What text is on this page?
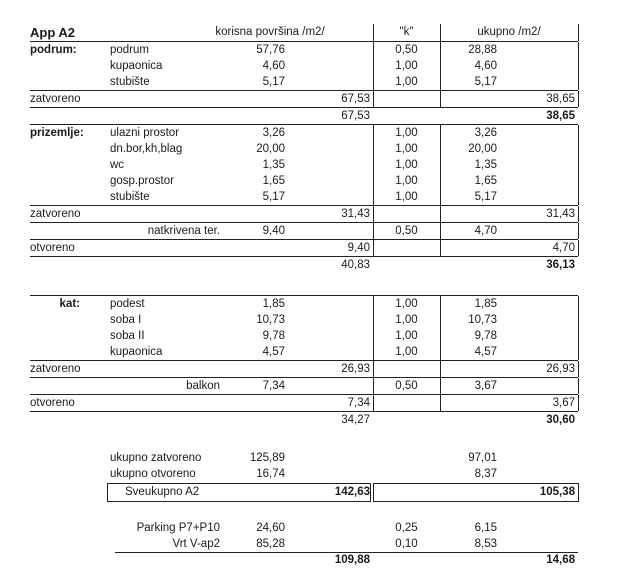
App A2	korisna površina /m2/	"k"	ukupno /m2/
podrum:	podrum	57,76	0,50	28,88
kupaonica	4,60	1,00	4,60
stubište	5,17	1,00	5,17
zatvoreno	67,53	38,65
67,53	38,65
prizemlje: ulazni prostor	3,26	1,00	3,26
dn.bor,kh,blag	20,00	1,00	20,00
wc	1,35	1,00	1,35
gosp.prostor	1,65	1,00	1,65
stubište	5,17	1,00	5,17
zatvoreno	31,43	31,43
natkrivena ter.	9,40	0,50	4,70
otvoreno	9,40	4,70
40,83	36,13
kat:	podest	1,85	1,00	1,85
soba I	10,73	1,00	10,73
soba II	9,78	1,00	9,78
kupaonica	4,57	1,00	4,57
zatvoreno	26,93	26,93
balkon	7,34	0,50	3,67
otvoreno	7,34	3,67
34,27	30,60
ukupno zatvoreno	125,89	97,01
ukupno otvoreno	16,74	8,37
Sveukupno A2	142,63	105,38
Parking P7+P10	24,60	0,25	6,15
Vrt V-ap2	85,28	0,10	8,53
109,88	14,68
